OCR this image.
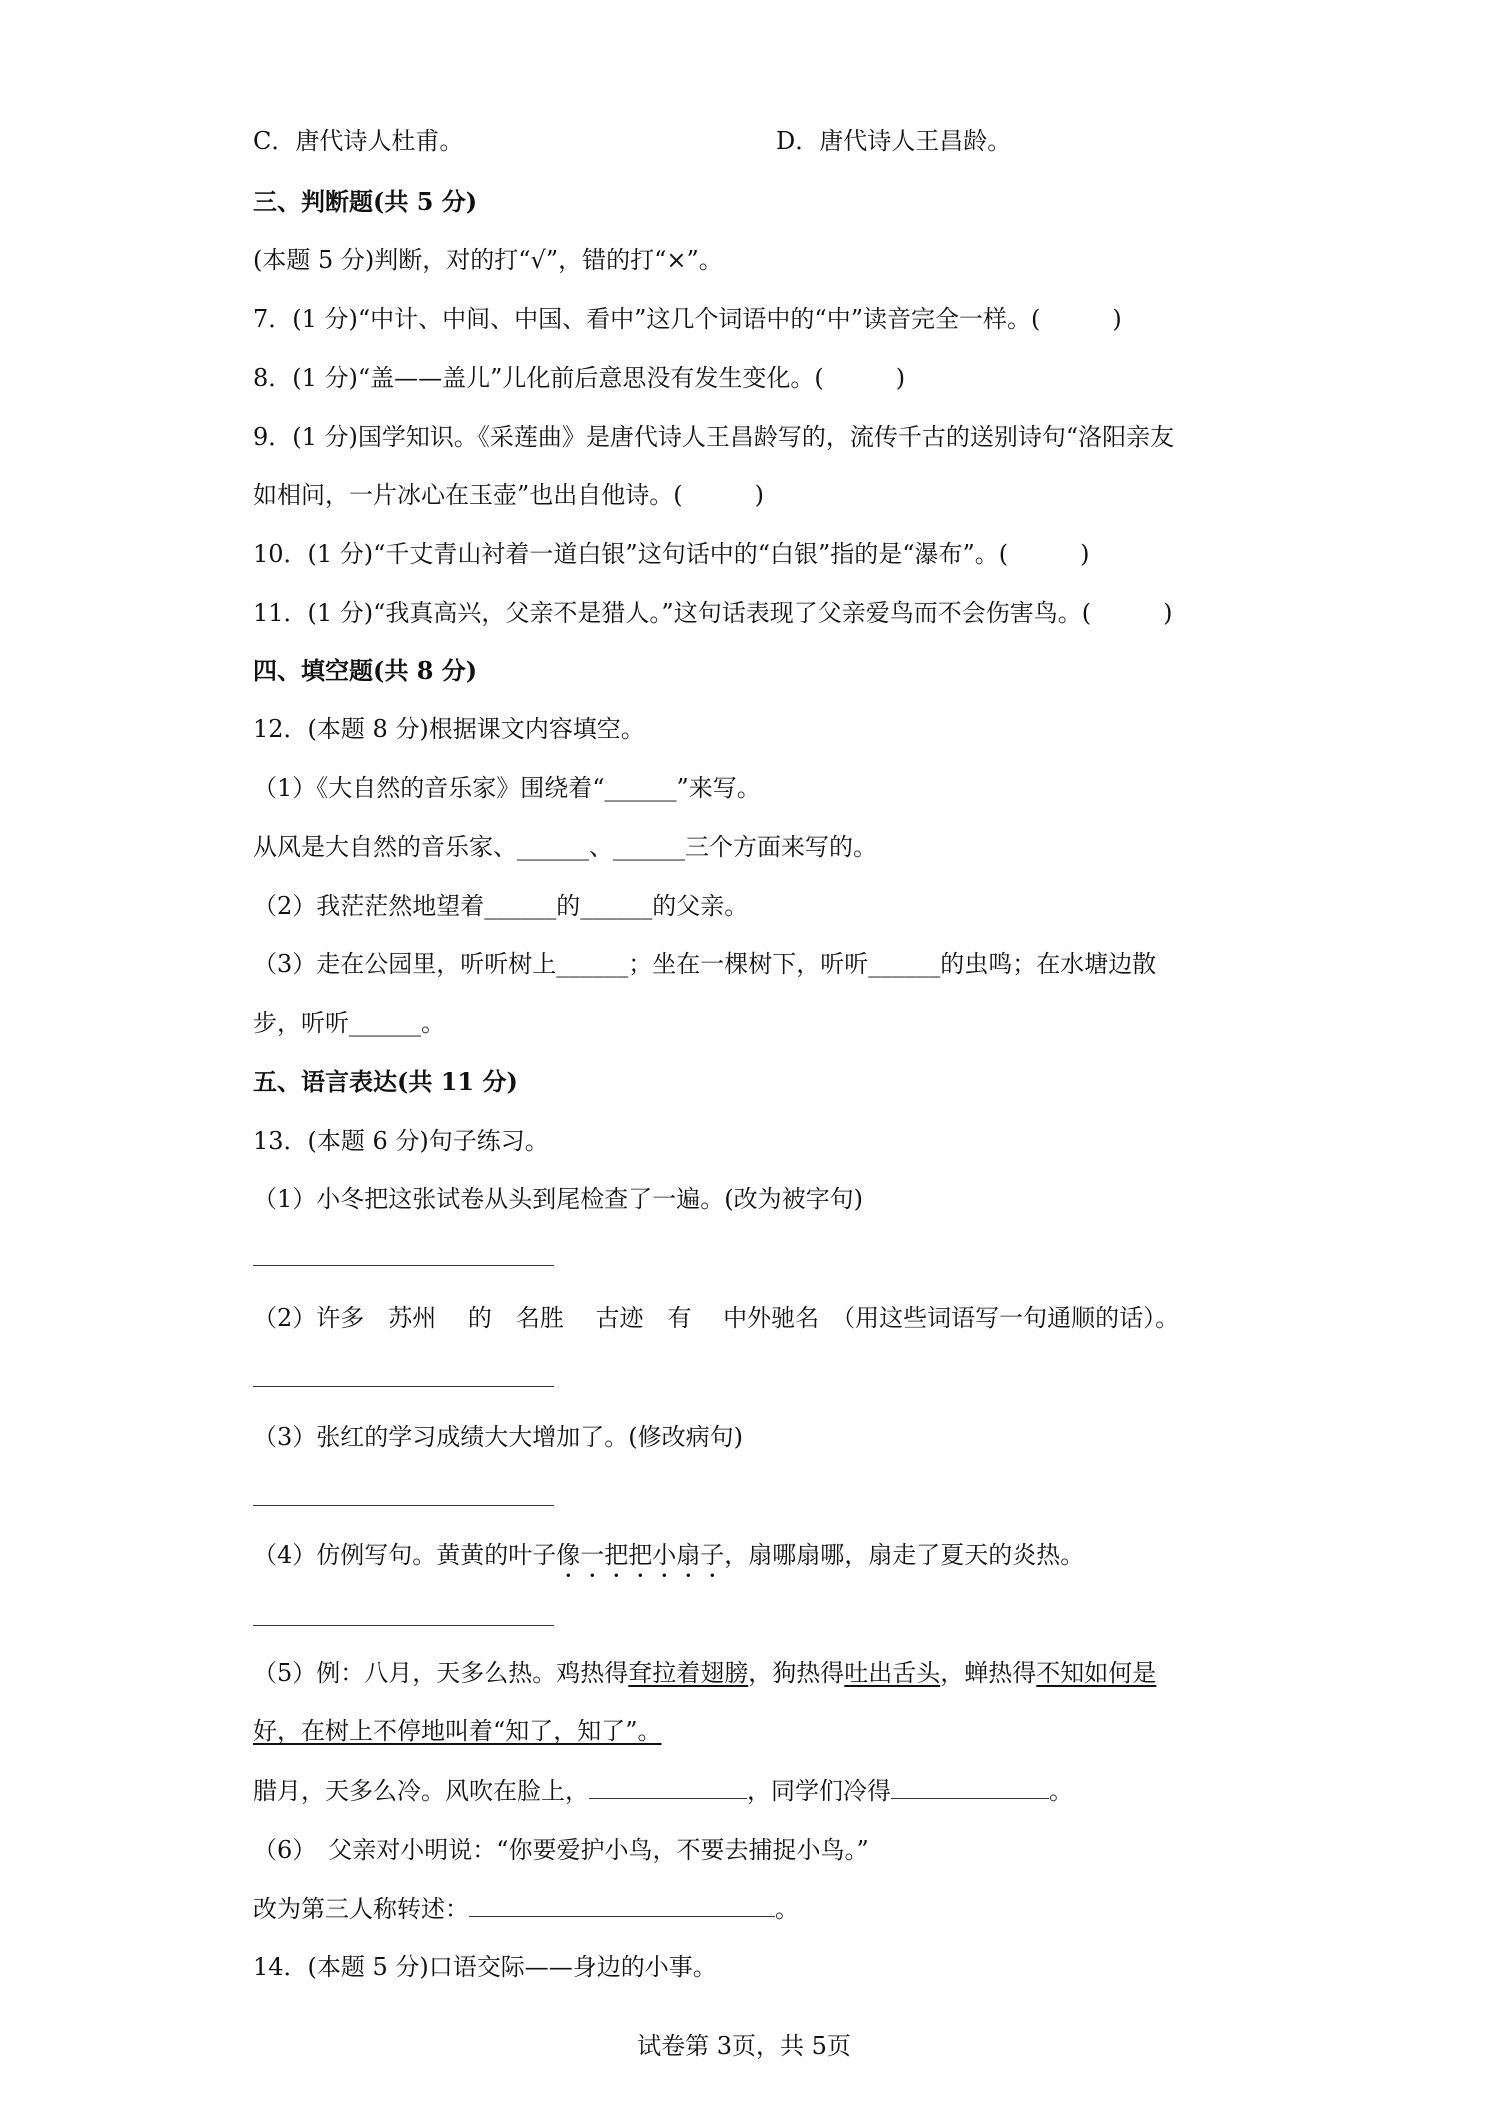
C．唐代诗人杜甫。	D．唐代诗人王昌龄。
三、判断题(共 5 分)
(本题 5 分)判断，对的打“√”，错的打“×”。
7．(1 分)“中计、中间、中国、看中”这几个词语中的“中”读音完全一样。(　　　)
8．(1 分)“盖——盖儿”儿化前后意思没有发生变化。(　　　)
9．(1 分)国学知识。《采莲曲》是唐代诗人王昌龄写的，流传千古的送别诗句“洛阳亲友
如相问，一片冰心在玉壶”也出自他诗。(　　　)
10．(1 分)“千丈青山衬着一道白银”这句话中的“白银”指的是“瀑布”。(　　　)
11．(1 分)“我真高兴，父亲不是猎人。”这句话表现了父亲爱鸟而不会伤害鸟。(　　　)
四、填空题(共 8 分)
12．(本题 8 分)根据课文内容填空。
（1）《大自然的音乐家》围绕着“______”来写。
从风是大自然的音乐家、______、______三个方面来写的。
（2）我茫茫然地望着______的______的父亲。
（3）走在公园里，听听树上______；坐在一棵树下，听听______的虫鸣；在水塘边散
步，听听______。
五、语言表达(共 11 分)
13．(本题 6 分)句子练习。
（1）小冬把这张试卷从头到尾检查了一遍。(改为被字句)
（2）许多　苏州　 的　名胜　 古迹　有　 中外驰名　（用这些词语写一句通顺的话）。
（3）张红的学习成绩大大增加了。(修改病句)
（4）仿例写句。黄黄的叶子像一把把小扇子，扇哪扇哪，扇走了夏天的炎热。
（5）例：八月，天多么热。鸡热得耷拉着翅膀，狗热得吐出舌头，蝉热得不知如何是
好，在树上不停地叫着“知了，知了”。
腊月，天多么冷。风吹在脸上，	，同学们冷得	。
（6）　父亲对小明说：“你要爱护小鸟，不要去捕捉小鸟。”
改为第三人称转述：	。
14．(本题 5 分)口语交际——身边的小事。
试卷第 3页，共 5页
